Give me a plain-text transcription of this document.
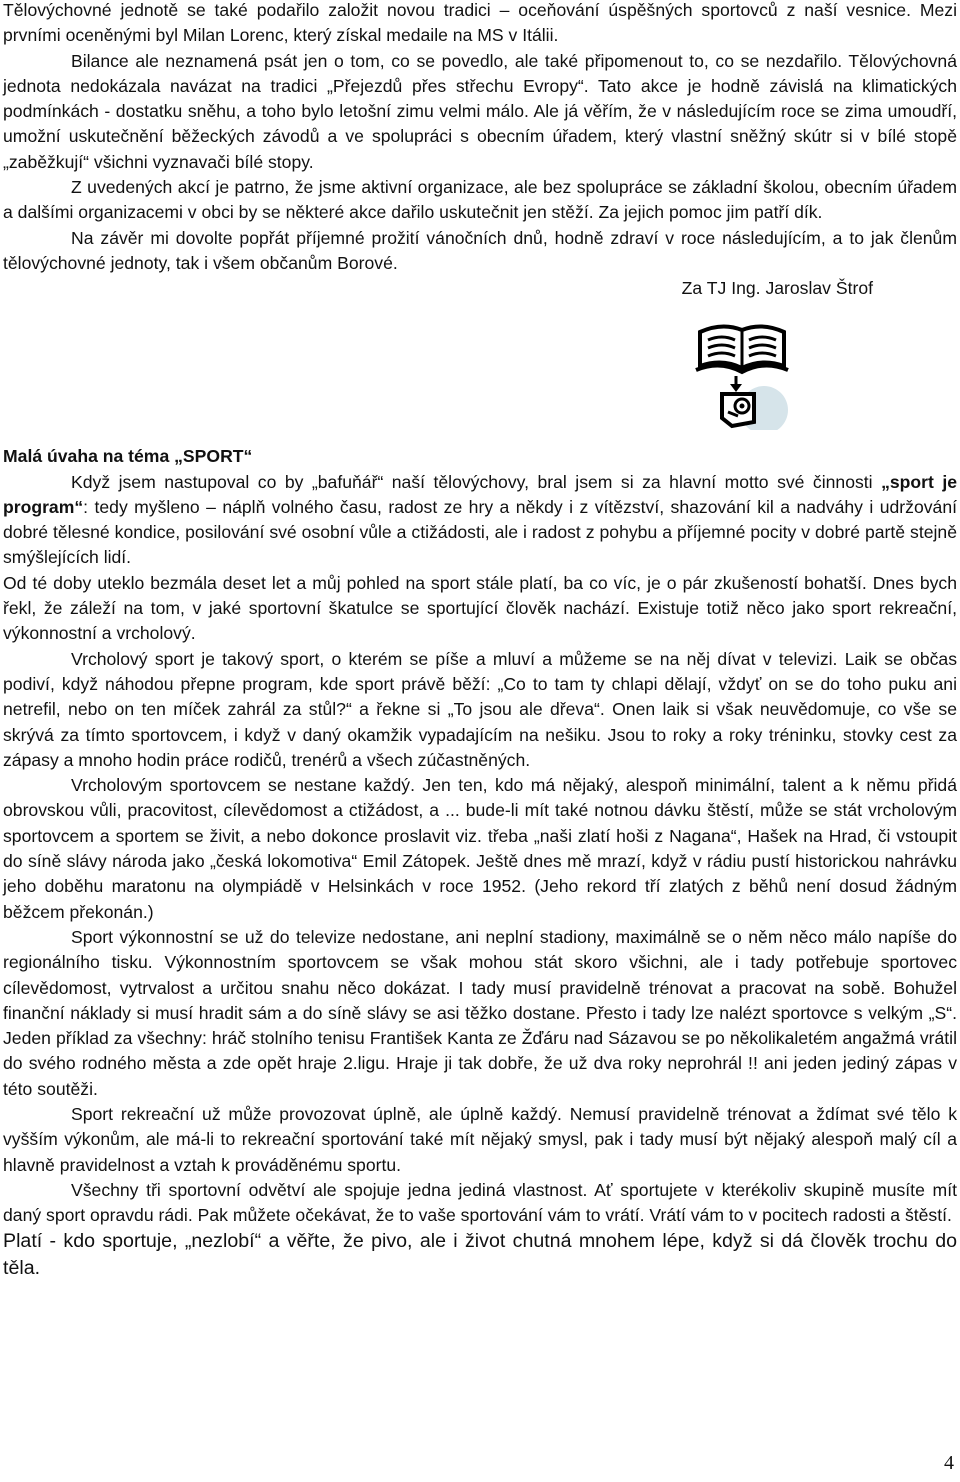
Tělovýchovné jednotě se také podařilo založit novou tradici – oceňování úspěšných sportovců z naší vesnice. Mezi prvními oceněnými byl Milan Lorenc, který získal medaile na MS v Itálii.

Bilance ale neznamená psát jen o tom, co se povedlo, ale také připomenout to, co se nezdařilo. Tělovýchovná jednota nedokázala navázat na tradici „Přejezdů přes střechu Evropy“. Tato akce je hodně závislá na klimatických podmínkách - dostatku sněhu, a toho bylo letošní zimu velmi málo. Ale já věřím, že v následujícím roce se zima umoudří, umožní uskutečnění běžeckých závodů a ve spolupráci s obecním úřadem, který vlastní sněžný skútr si v bílé stopě „zaběžkují“ všichni vyznavači bílé stopy.

Z uvedených akcí je patrno, že jsme aktivní organizace, ale bez spolupráce se základní školou, obecním úřadem a dalšími organizacemi v obci by se některé akce dařilo uskutečnit jen stěží. Za jejich pomoc jim patří dík.

Na závěr mi dovolte popřát příjemné prožití vánočních dnů, hodně zdraví v roce následujícím, a to jak členům tělovýchovné jednoty, tak i všem občanům Borové.

Za TJ Ing. Jaroslav Štrof

Malá úvaha na téma „SPORT“

Když jsem nastupoval co by „bafuňář“ naší tělovýchovy, bral jsem si za hlavní motto své činnosti „sport je program“: tedy myšleno – náplň volného času, radost ze hry a někdy i z vítězství, shazování kil a nadváhy i udržování dobré tělesné kondice, posilování své osobní vůle a ctižádosti, ale i radost z pohybu a příjemné pocity v dobré partě stejně smýšlejících lidí.

Od té doby uteklo bezmála deset let a můj pohled na sport stále platí, ba co víc, je o pár zkušeností bohatší. Dnes bych řekl, že záleží na tom, v jaké sportovní škatulce se sportující člověk nachází. Existuje totiž něco jako sport rekreační, výkonnostní a vrcholový.

Vrcholový sport je takový sport, o kterém se píše a mluví a můžeme se na něj dívat v televizi. Laik se občas podiví, když náhodou přepne program, kde sport právě běží: „Co to tam ty chlapi dělají, vždyť on se do toho puku ani netrefil, nebo on ten míček zahrál za stůl?“ a řekne si „To jsou ale dřeva“. Onen laik si však neuvědomuje, co vše se skrývá za tímto sportovcem, i když v daný okamžik vypadajícím na nešiku. Jsou to roky a roky tréninku, stovky cest za zápasy a mnoho hodin práce rodičů, trenérů a všech zúčastněných.

Vrcholovým sportovcem se nestane každý. Jen ten, kdo má nějaký, alespoň minimální, talent a k němu přidá obrovskou vůli, pracovitost, cílevědomost a ctižádost, a ... bude-li mít také notnou dávku štěstí, může se stát vrcholovým sportovcem a sportem se živit, a nebo dokonce proslavit viz. třeba „naši zlatí hoši z Nagana“, Hašek na Hrad, či vstoupit do síně slávy národa jako „česká lokomotiva“ Emil Zátopek. Ještě dnes mě mrazí, když v rádiu pustí historickou nahrávku jeho doběhu maratonu na olympiádě v Helsinkách v roce 1952. (Jeho rekord tří zlatých z běhů není dosud žádným běžcem překonán.)

Sport výkonnostní se už do televize nedostane, ani neplní stadiony, maximálně se o něm něco málo napíše do regionálního tisku. Výkonnostním sportovcem se však mohou stát skoro všichni, ale i tady potřebuje sportovec cílevědomost, vytrvalost a určitou snahu něco dokázat. I tady musí pravidelně trénovat a pracovat na sobě. Bohužel finanční náklady si musí hradit sám a do síně slávy se asi těžko dostane. Přesto i tady lze nalézt sportovce s velkým „S“. Jeden příklad za všechny: hráč stolního tenisu František Kanta ze Žďáru nad Sázavou se po několikaletém angažmá vrátil do svého rodného města a zde opět hraje 2.ligu. Hraje ji tak dobře, že už dva roky neprohrál !! ani jeden jediný zápas v této soutěži.

Sport rekreační už může provozovat úplně, ale úplně každý. Nemusí pravidelně trénovat a ždímat své tělo k vyšším výkonům, ale má-li to rekreační sportování také mít nějaký smysl, pak i tady musí být nějaký alespoň malý cíl a hlavně pravidelnost a vztah k prováděnému sportu.

Všechny tři sportovní odvětví ale spojuje jedna jediná vlastnost. Ať sportujete v kterékoliv skupině musíte mít daný sport opravdu rádi. Pak můžete očekávat, že to vaše sportování vám to vrátí. Vrátí vám to v pocitech radosti a štěstí.

Platí - kdo sportuje, „nezlobí“ a věřte, že pivo, ale i život chutná mnohem lépe, když si dá člověk trochu do těla.

4
